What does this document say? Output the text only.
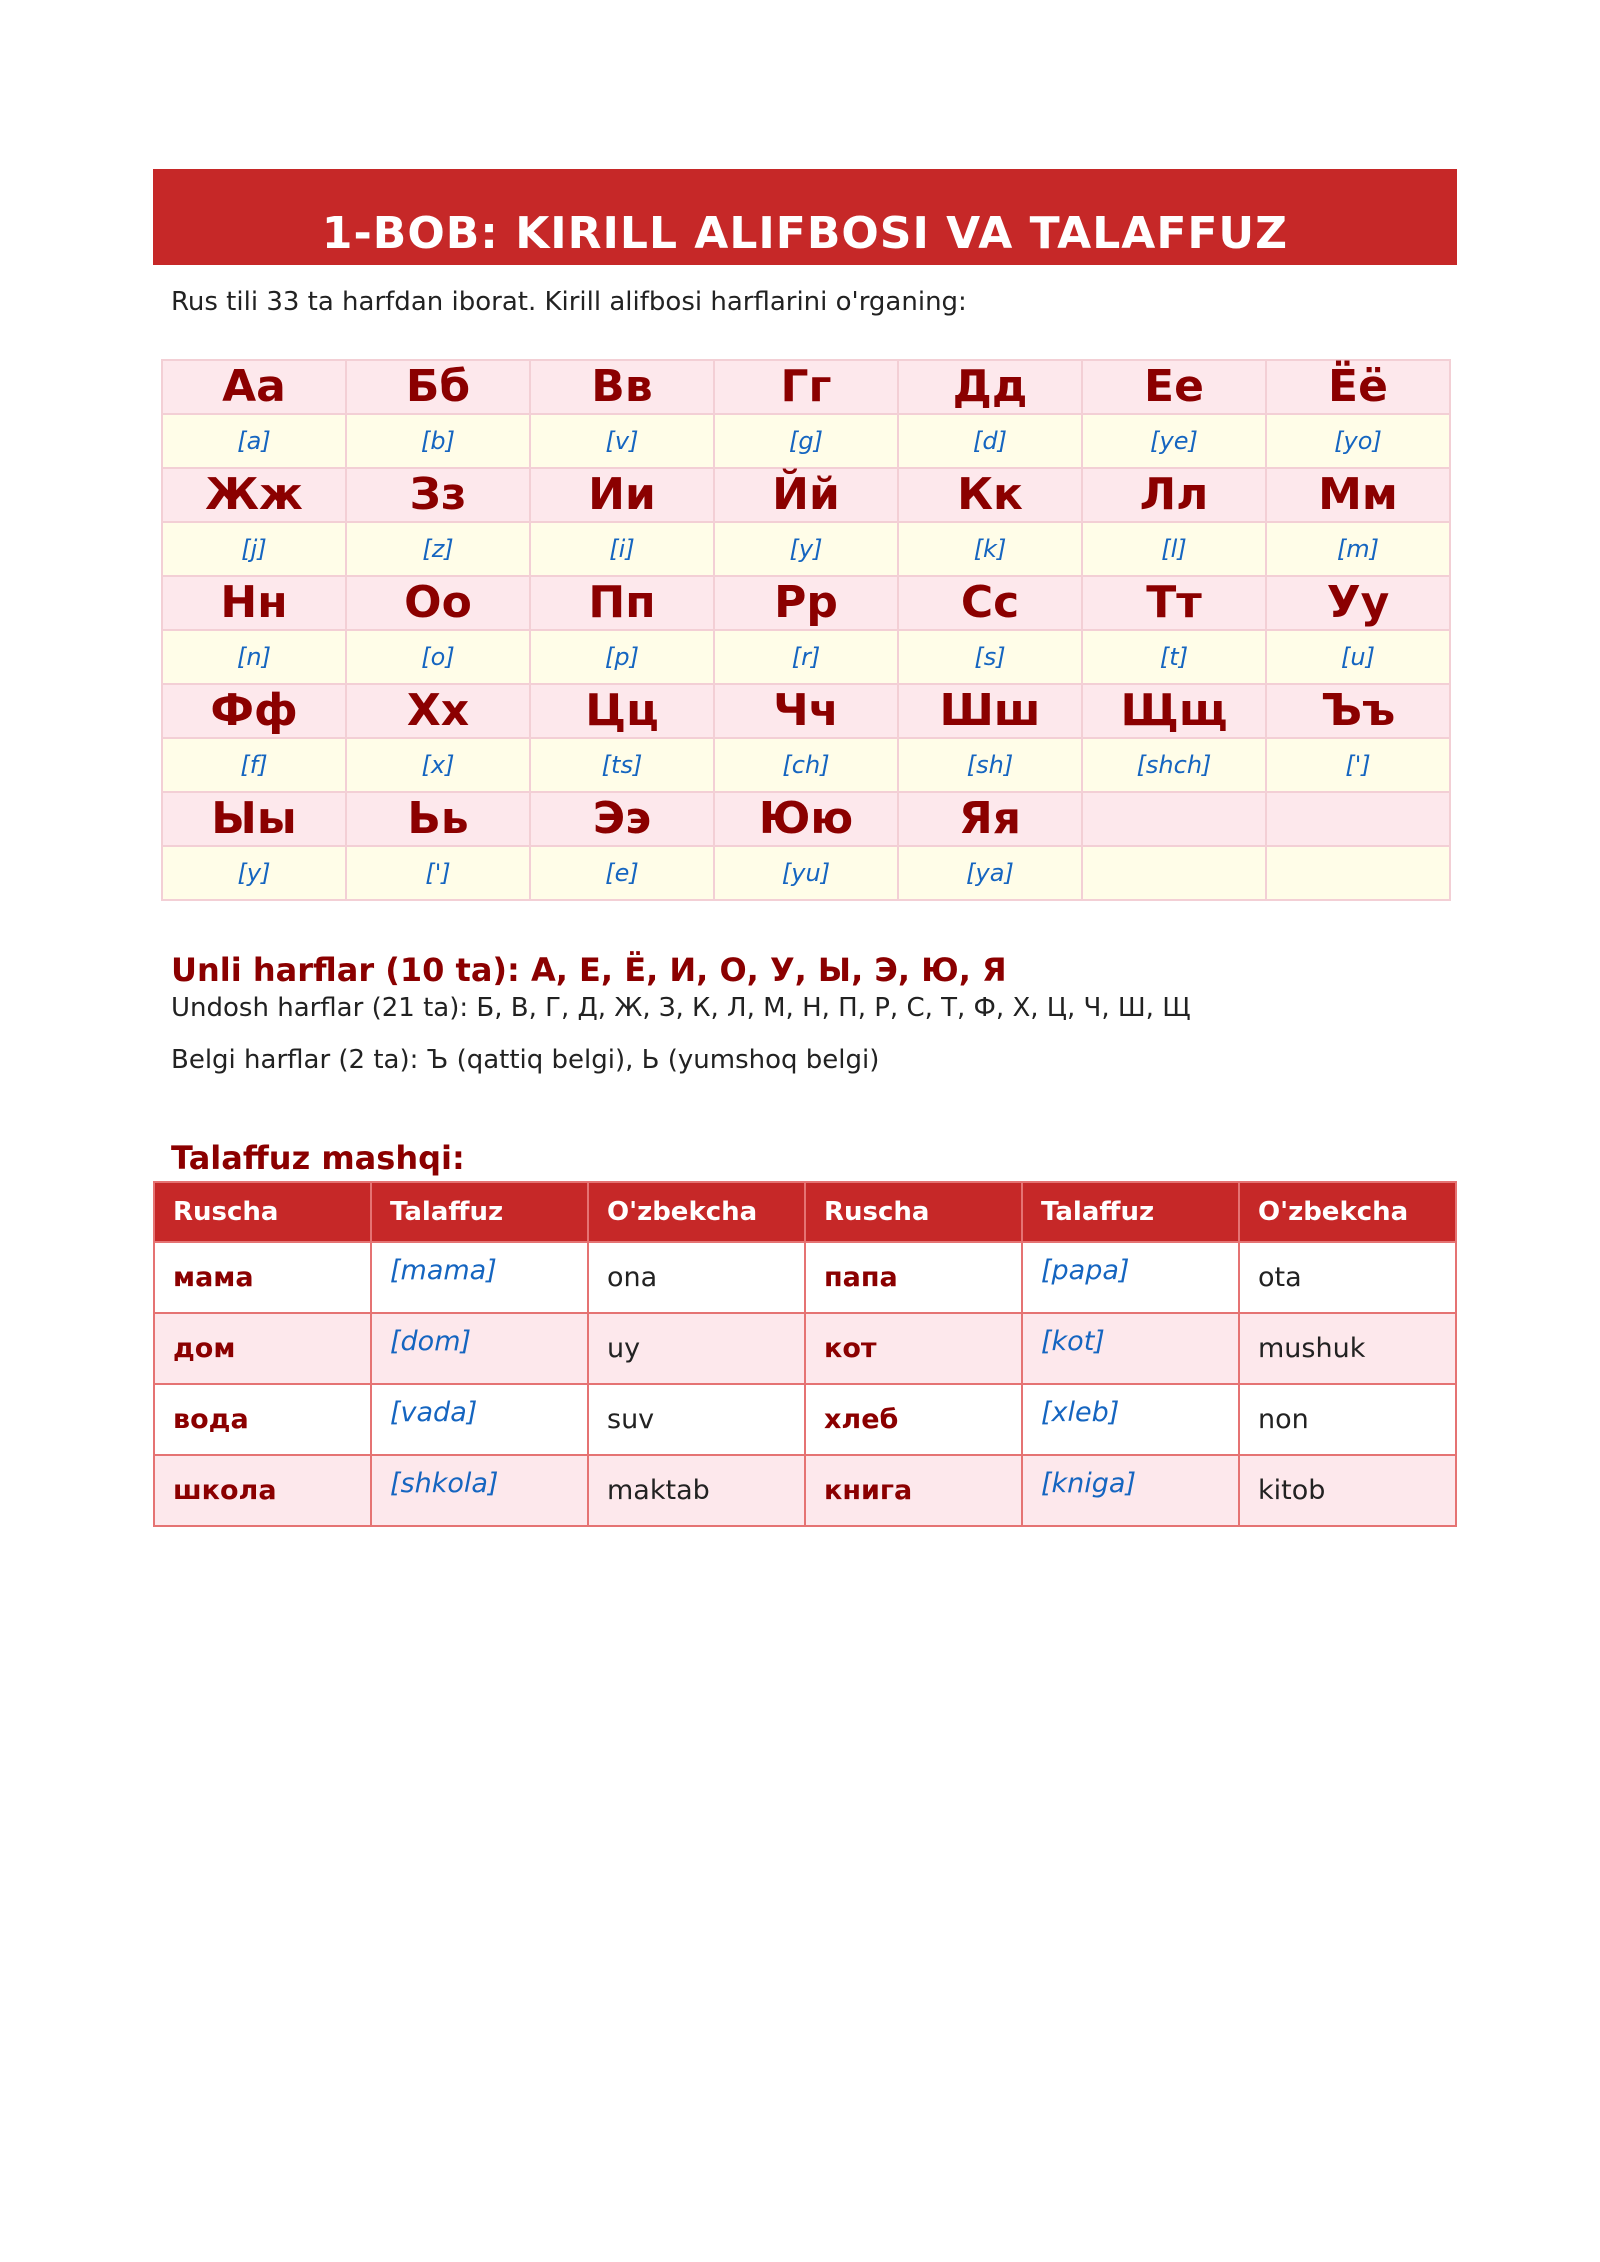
1-BOB: KIRILL ALIFBOSI VA TALAFFUZ
Rus tili 33 ta harfdan iborat. Kirill alifbosi harflarini o'rganing:
Аа	Бб	Вв	Гг	Дд	Ее	Ёё
[a]	[b]	[v]	[g]	[d]	[ye]	[yo]
Жж	Зз	Ии	Йй	Кк	Лл	Мм
[j]	[z]	[i]	[y]	[k]	[l]	[m]
Нн	Оо	Пп	Рр	Сс	Тт	Уу
[n]	[o]	[p]	[r]	[s]	[t]	[u]
Фф	Хх	Цц	Чч	Шш	Щщ	Ъъ
[f]	[x]	[ts]	[ch]	[sh]	[shch]	[']
Ыы	Ьь	Ээ	Юю	Яя		
[y]	[']	[e]	[yu]	[ya]		
Unli harflar (10 ta): А, Е, Ё, И, О, У, Ы, Э, Ю, Я
Undosh harflar (21 ta): Б, В, Г, Д, Ж, З, К, Л, М, Н, П, Р, С, Т, Ф, Х, Ц, Ч, Ш, Щ
Belgi harflar (2 ta): Ъ (qattiq belgi), Ь (yumshoq belgi)
Talaffuz mashqi:
Ruscha	Talaffuz	O'zbekcha	Ruscha	Talaffuz	O'zbekcha
мама	[mama]	ona	папа	[papa]	ota
дом	[dom]	uy	кот	[kot]	mushuk
вода	[vada]	suv	хлеб	[xleb]	non
школа	[shkola]	maktab	книга	[kniga]	kitob
